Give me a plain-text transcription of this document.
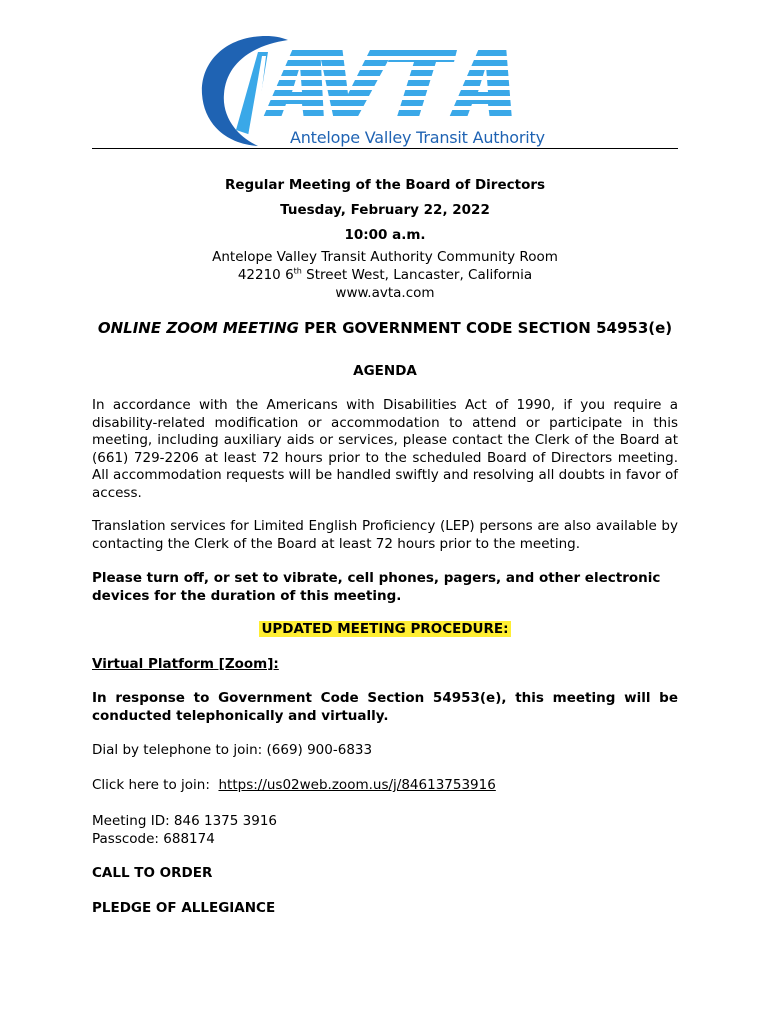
Antelope Valley Transit Authority
Regular Meeting of the Board of Directors
Tuesday, February 22, 2022
10:00 a.m.
Antelope Valley Transit Authority Community Room
42210 6th Street West, Lancaster, California
www.avta.com
ONLINE ZOOM MEETING PER GOVERNMENT CODE SECTION 54953(e)
AGENDA
In accordance with the Americans with Disabilities Act of 1990, if you require a disability-related modification or accommodation to attend or participate in this meeting, including auxiliary aids or services, please contact the Clerk of the Board at (661) 729-2206 at least 72 hours prior to the scheduled Board of Directors meeting. All accommodation requests will be handled swiftly and resolving all doubts in favor of access.
Translation services for Limited English Proficiency (LEP) persons are also available by contacting the Clerk of the Board at least 72 hours prior to the meeting.
Please turn off, or set to vibrate, cell phones, pagers, and other electronic devices for the duration of this meeting.
UPDATED MEETING PROCEDURE:
Virtual Platform [Zoom]:
In response to Government Code Section 54953(e), this meeting will be conducted telephonically and virtually.
Dial by telephone to join: (669) 900-6833
Click here to join: https://us02web.zoom.us/j/84613753916
Meeting ID: 846 1375 3916
Passcode: 688174
CALL TO ORDER
PLEDGE OF ALLEGIANCE
